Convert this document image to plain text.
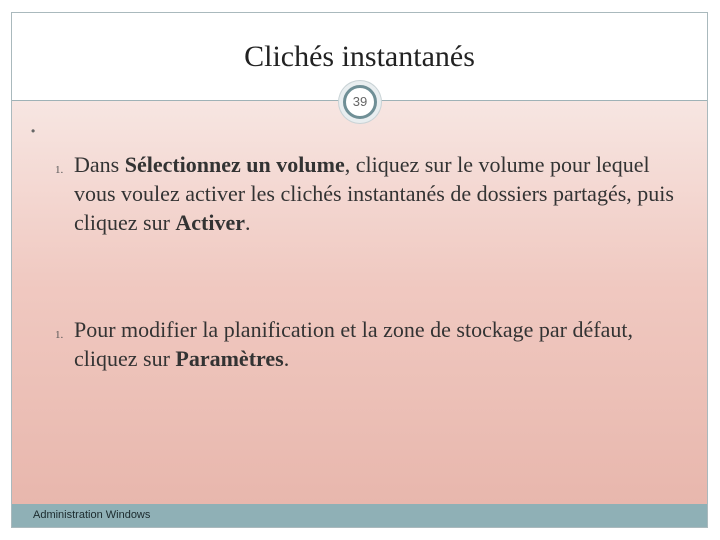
Clichés instantanés
39
•
1. Dans Sélectionnez un volume, cliquez sur le volume pour lequel vous voulez activer les clichés instantanés de dossiers partagés, puis cliquez sur Activer.
1. Pour modifier la planification et la zone de stockage par défaut, cliquez sur Paramètres.
Administration Windows
